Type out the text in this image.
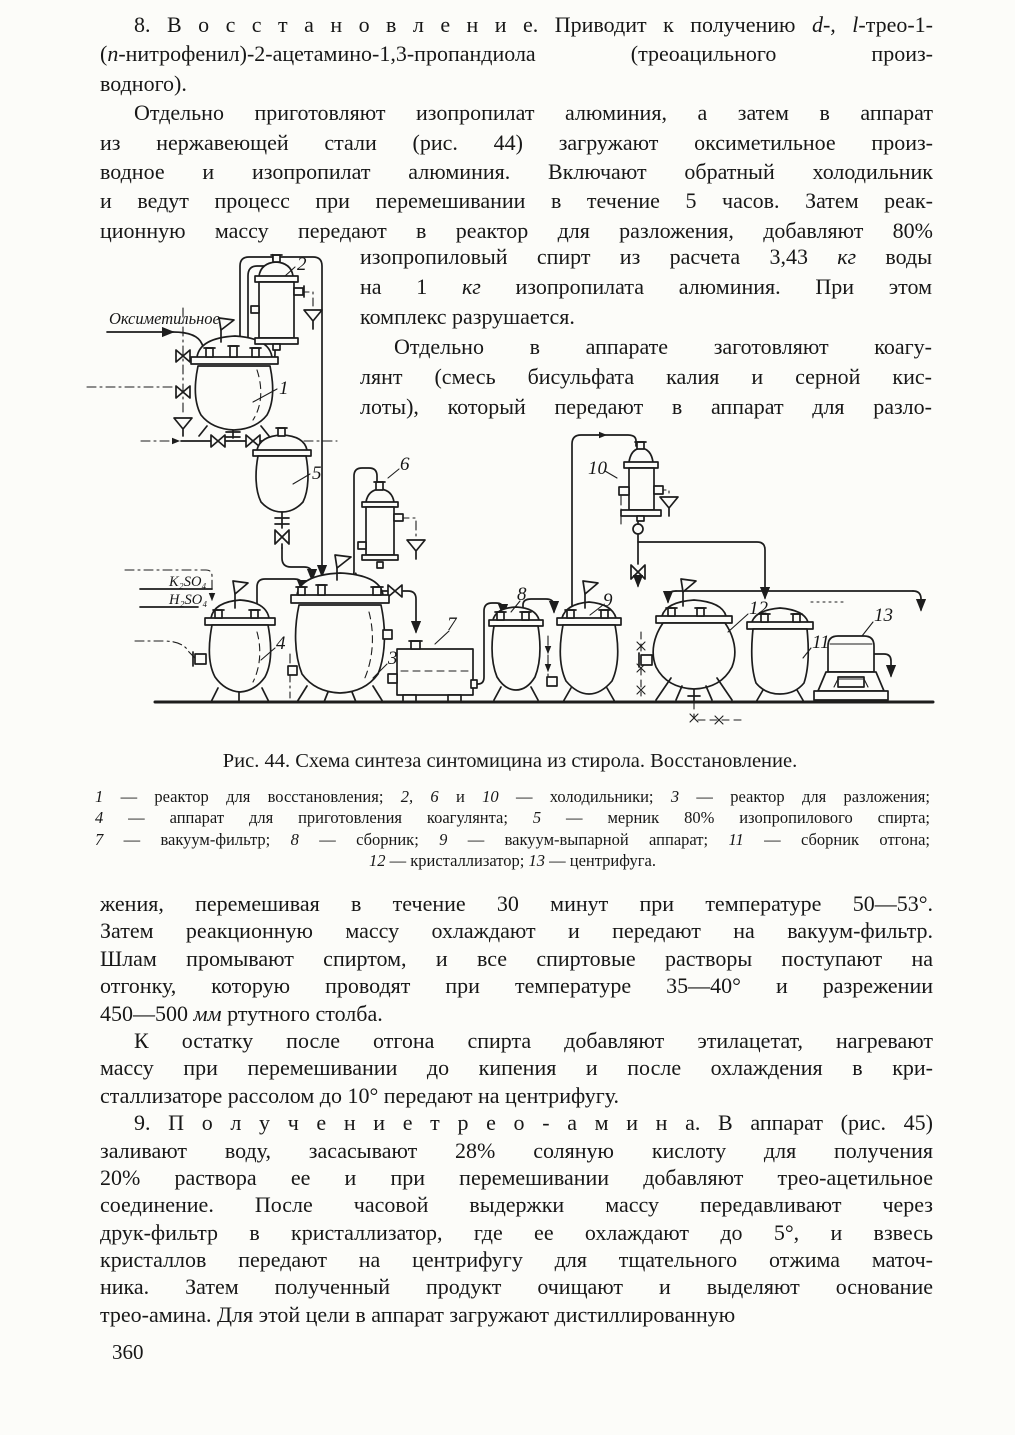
8. В о с с т а н о в л е н и е. Приводит к получению d-, l-трео-1-
(n-нитрофенил)-2-ацетамино-1,3-пропандиола (треоацильного произ-
водного).
Отдельно приготовляют изопропилат алюминия, а затем в аппарат
из нержавеющей стали (рис. 44) загружают оксиметильное произ-
водное и изопропилат алюминия. Включают обратный холодильник
и ведут процесс при перемешивании в течение 5 часов. Затем реак-
ционную массу передают в реактор для разложения, добавляют 80%
изопропиловый спирт из расчета 3,43 кг воды
на 1 кг изопропилата алюминия. При этом
комплекс разрушается.
Отдельно в аппарате заготовляют коагу-
лянт (смесь бисульфата калия и серной кис-
лоты), который передают в аппарат для разло-
Оксиметильное
K₂SO₄
H₂SO₄
1
2
3
4
5	6
7
8	9
10
11
12	13
Рис. 44. Схема синтеза синтомицина из стирола. Восстановление.
1 — реактор для восстановления; 2, 6 и 10 — холодильники; 3 — реактор для разложения;
4 — аппарат для приготовления коагулянта; 5 — мерник 80% изопропилового спирта;
7 — вакуум-фильтр; 8 — сборник; 9 — вакуум-выпарной аппарат; 11 — сборник отгона;
12 — кристаллизатор; 13 — центрифуга.
жения, перемешивая в течение 30 минут при температуре 50—53°.
Затем реакционную массу охлаждают и передают на вакуум-фильтр.
Шлам промывают спиртом, и все спиртовые растворы поступают на
отгонку, которую проводят при температуре 35—40° и разрежении
450—500 мм ртутного столба.
К остатку после отгона спирта добавляют этилацетат, нагревают
массу при перемешивании до кипения и после охлаждения в кри-
сталлизаторе рассолом до 10° передают на центрифугу.
9. П о л у ч е н и е т р е о - а м и н а. В аппарат (рис. 45)
заливают воду, засасывают 28% соляную кислоту для получения
20% раствора ее и при перемешивании добавляют трео-ацетильное
соединение. После часовой выдержки массу передавливают через
друк-фильтр в кристаллизатор, где ее охлаждают до 5°, и взвесь
кристаллов передают на центрифугу для тщательного отжима маточ-
ника. Затем полученный продукт очищают и выделяют основание
трео-амина. Для этой цели в аппарат загружают дистиллированную
360
